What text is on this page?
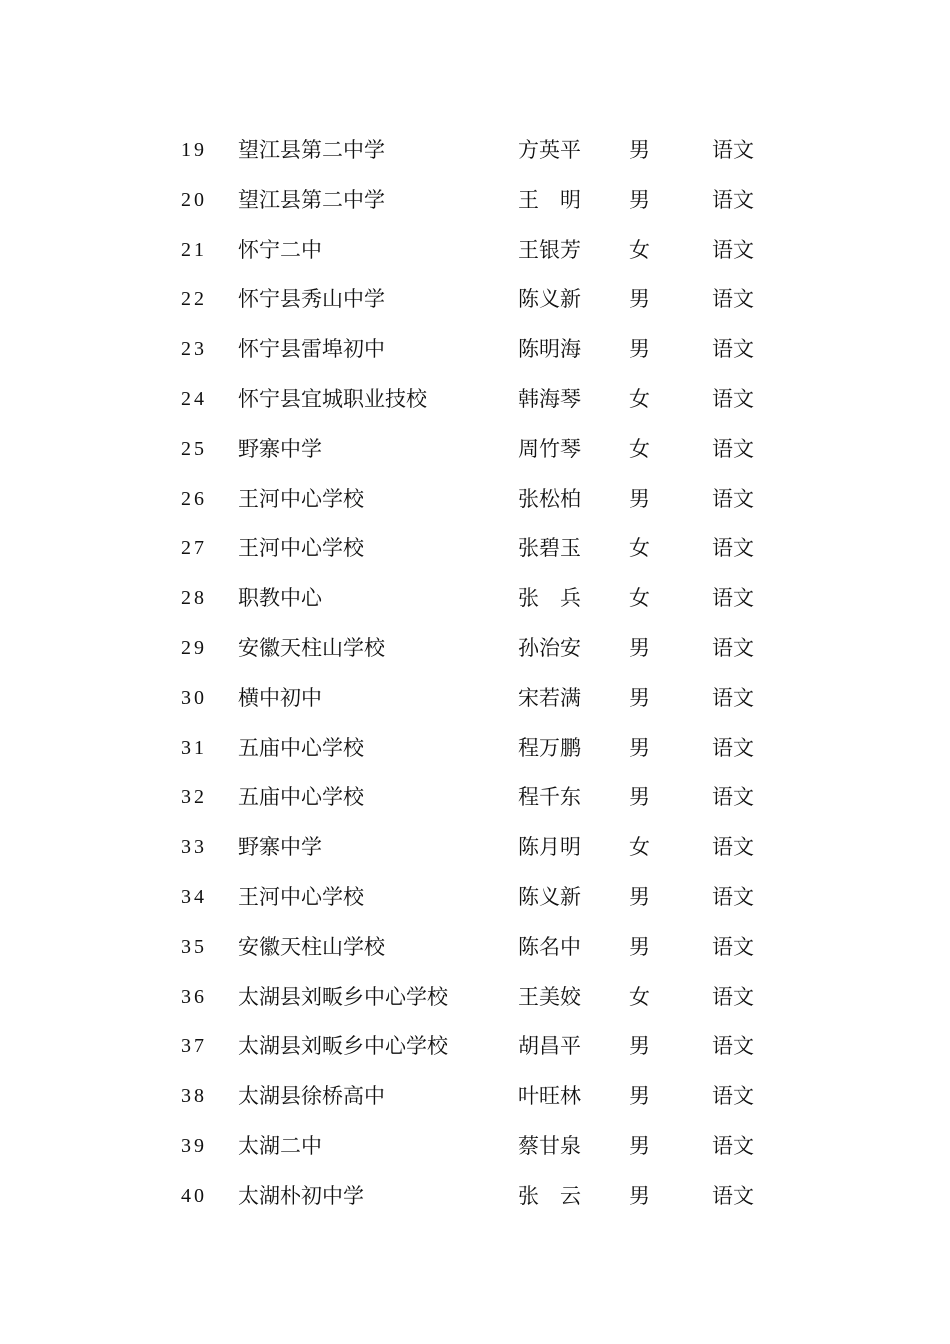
19 望江县第二中学	方英平 男	语文
20 望江县第二中学	王　明 男	语文
21 怀宁二中	王银芳 女	语文
22 怀宁县秀山中学	陈义新 男	语文
23 怀宁县雷埠初中	陈明海 男	语文
24 怀宁县宜城职业技校	韩海琴 女	语文
25 野寨中学	周竹琴 女	语文
26 王河中心学校	张松柏 男	语文
27 王河中心学校	张碧玉 女	语文
28 职教中心	张　兵 女	语文
29 安徽天柱山学校	孙治安 男	语文
30 横中初中	宋若满 男	语文
31 五庙中心学校	程万鹏 男	语文
32 五庙中心学校	程千东 男	语文
33 野寨中学	陈月明 女	语文
34 王河中心学校	陈义新 男	语文
35 安徽天柱山学校	陈名中 男	语文
36 太湖县刘畈乡中心学校	王美姣 女	语文
37 太湖县刘畈乡中心学校	胡昌平 男	语文
38 太湖县徐桥高中	叶旺林 男	语文
39 太湖二中	蔡甘泉 男	语文
40 太湖朴初中学	张　云 男	语文
